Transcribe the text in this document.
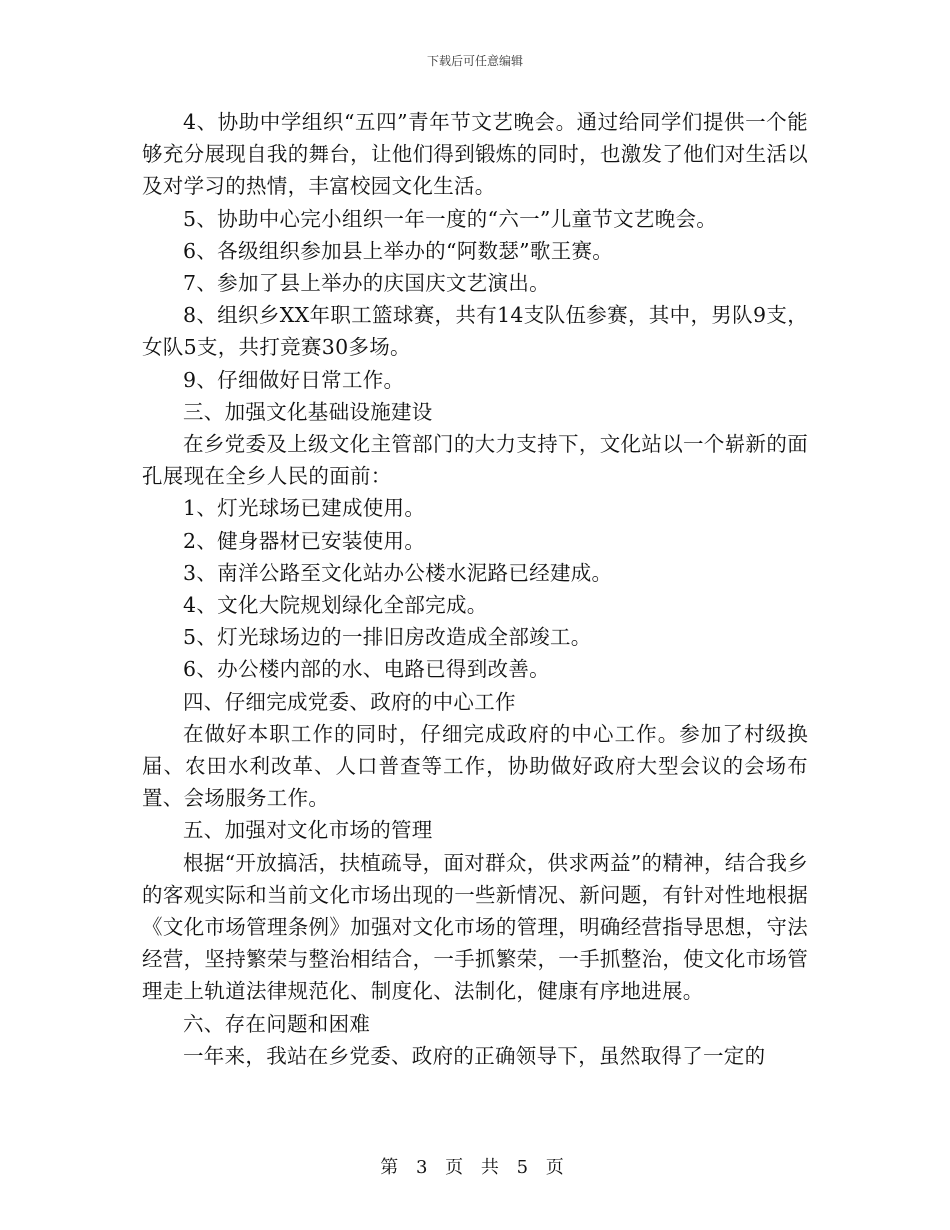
下载后可任意编辑

4、协助中学组织“五四”青年节文艺晚会。通过给同学们提供一个能够充分展现自我的舞台，让他们得到锻炼的同时，也激发了他们对生活以及对学习的热情，丰富校园文化生活。

5、协助中心完小组织一年一度的“六一”儿童节文艺晚会。

6、各级组织参加县上举办的“阿数瑟”歌王赛。

7、参加了县上举办的庆国庆文艺演出。

8、组织乡XX年职工篮球赛，共有14支队伍参赛，其中，男队9支，女队5支，共打竞赛30多场。

9、仔细做好日常工作。

三、加强文化基础设施建设

在乡党委及上级文化主管部门的大力支持下，文化站以一个崭新的面孔展现在全乡人民的面前：

1、灯光球场已建成使用。

2、健身器材已安装使用。

3、南洋公路至文化站办公楼水泥路已经建成。

4、文化大院规划绿化全部完成。

5、灯光球场边的一排旧房改造成全部竣工。

6、办公楼内部的水、电路已得到改善。

四、仔细完成党委、政府的中心工作

在做好本职工作的同时，仔细完成政府的中心工作。参加了村级换届、农田水利改革、人口普查等工作，协助做好政府大型会议的会场布置、会场服务工作。

五、加强对文化市场的管理

根据“开放搞活，扶植疏导，面对群众，供求两益”的精神，结合我乡的客观实际和当前文化市场出现的一些新情况、新问题，有针对性地根据《文化市场管理条例》加强对文化市场的管理，明确经营指导思想，守法经营，坚持繁荣与整治相结合，一手抓繁荣，一手抓整治，使文化市场管理走上轨道法律规范化、制度化、法制化，健康有序地进展。

六、存在问题和困难

一年来，我站在乡党委、政府的正确领导下，虽然取得了一定的

第 3 页 共 5 页
